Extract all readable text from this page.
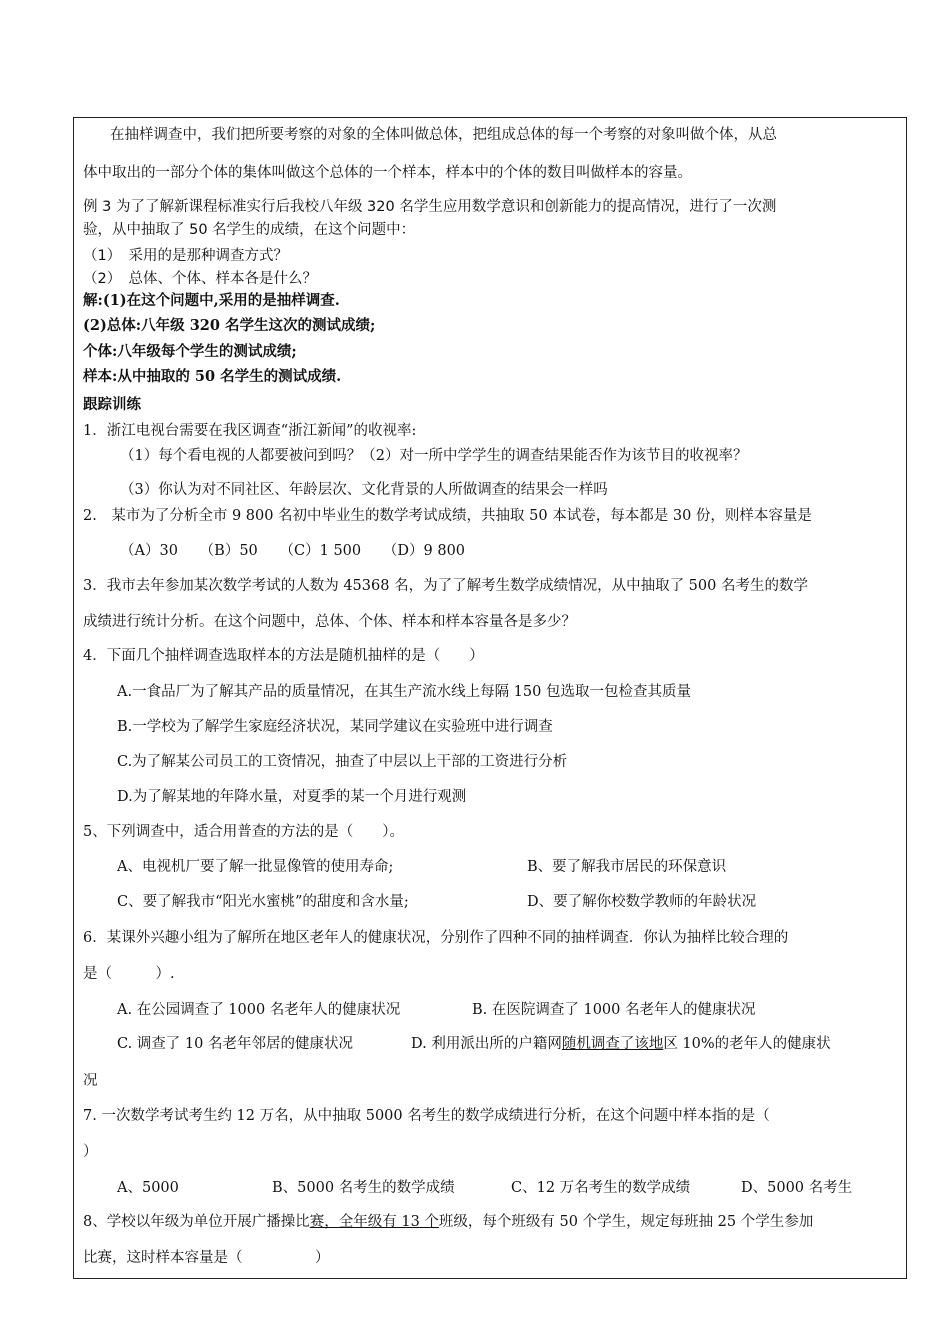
在抽样调查中，我们把所要考察的对象的全体叫做总体，把组成总体的每一个考察的对象叫做个体，从总
体中取出的一部分个体的集体叫做这个总体的一个样本，样本中的个体的数目叫做样本的容量。
例 3 为了了解新课程标准实行后我校八年级 320 名学生应用数学意识和创新能力的提高情况，进行了一次测
验，从中抽取了 50 名学生的成绩，在这个问题中：
（1）　采用的是那种调查方式？
（2）　总体、个体、样本各是什么？
解:(1)在这个问题中,采用的是抽样调查.
(2)总体:八年级 320 名学生这次的测试成绩;
个体:八年级每个学生的测试成绩;
样本:从中抽取的 50 名学生的测试成绩.
跟踪训练
1．浙江电视台需要在我区调查“浙江新闻”的收视率:
（1）每个看电视的人都要被问到吗？（2）对一所中学学生的调查结果能否作为该节目的收视率？
（3）你认为对不同社区、年龄层次、文化背景的人所做调查的结果会一样吗
2.　某市为了分析全市 9 800 名初中毕业生的数学考试成绩，共抽取 50 本试卷，每本都是 30 份，则样本容量是
（A）30　　（B）50　　（C）1 500　　（D）9 800
3．我市去年参加某次数学考试的人数为 45368 名，为了了解考生数学成绩情况，从中抽取了 500 名考生的数学
成绩进行统计分析。在这个问题中，总体、个体、样本和样本容量各是多少？
4．下面几个抽样调查选取样本的方法是随机抽样的是（　　）
A.一食品厂为了解其产品的质量情况，在其生产流水线上每隔 150 包选取一包检查其质量
B.一学校为了解学生家庭经济状况，某同学建议在实验班中进行调查
C.为了解某公司员工的工资情况，抽查了中层以上干部的工资进行分析
D.为了解某地的年降水量，对夏季的某一个月进行观测
5、下列调查中，适合用普查的方法的是（　　）。
A、电视机厂要了解一批显像管的使用寿命;	B、要了解我市居民的环保意识
C、要了解我市“阳光水蜜桃”的甜度和含水量;	D、要了解你校数学教师的年龄状况
6．某课外兴趣小组为了解所在地区老年人的健康状况，分别作了四种不同的抽样调查．你认为抽样比较合理的
是（　　　）.
A. 在公园调查了 1000 名老年人的健康状况	B. 在医院调查了 1000 名老年人的健康状况
C. 调查了 10 名老年邻居的健康状况	D. 利用派出所的户籍网随机调查了该地区 10%的老年人的健康状
况
7. 一次数学考试考生约 12 万名，从中抽取 5000 名考生的数学成绩进行分析，在这个问题中样本指的是（
）
A、5000	B、5000 名考生的数学成绩	C、12 万名考生的数学成绩	D、5000 名考生
8、学校以年级为单位开展广播操比赛，全年级有 13 个班级，每个班级有 50 个学生，规定每班抽 25 个学生参加
比赛，这时样本容量是（　　　　　）
